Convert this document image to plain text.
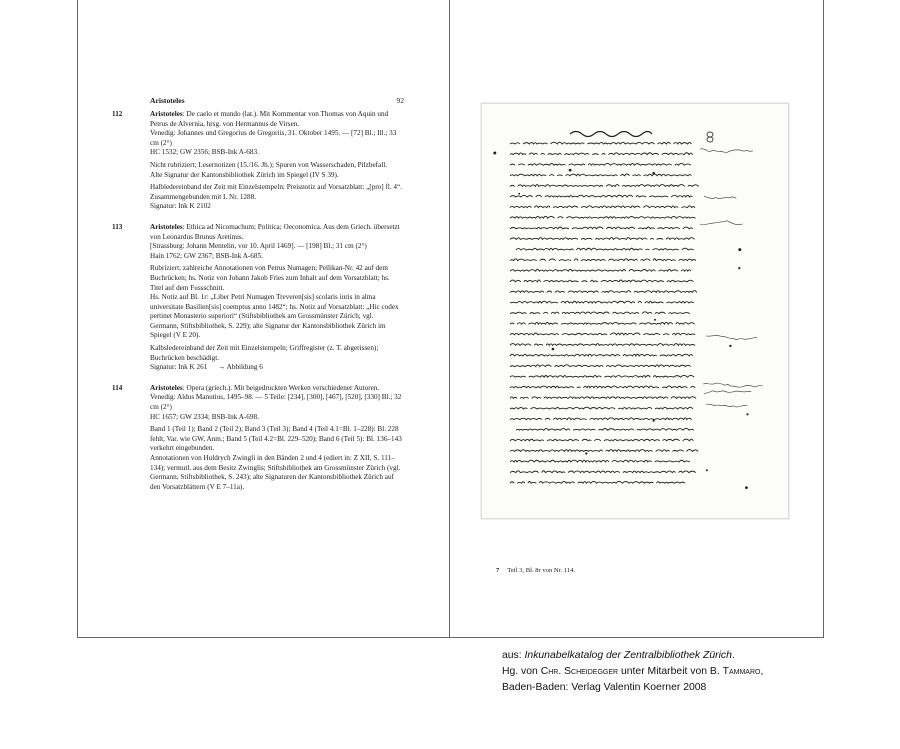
Aristoteles	92
112	Aristoteles: De caelo et mundo (lat.). Mit Kommentar von Thomas von Aquin und Petrus de Alvernia, hrsg. von Hermannus de Virsen.

Venedig: Johannes und Gregorius de Gregoriis, 31. Oktober 1495. — [72] Bl.; Ill.; 33 cm (2°)

HC 1532; GW 2356; BSB-Ink A-683.

Nicht rubriziert; Lesernotizen (15./16. Jh.); Spuren von Wasserschaden, Pilzbefall.

Alte Signatur der Kantonsbibliothek Zürich im Spiegel (IV S 39).

Halbledereinband der Zeit mit Einzelstempeln; Preisnotiz auf Vorsatzblatt: „[pro] fl. 4“.

Zusammengebunden mit I. Nr. 1288.

Signatur: Ink K 2102

113	Aristoteles: Ethica ad Nicomachum; Politica; Oeconomica. Aus dem Griech. übersetzt von Leonardus Brunus Aretinus.

[Strassburg: Johann Mentelin, vor 10. April 1469]. — [198] Bl.; 31 cm (2°)

Hain 1762; GW 2367; BSB-Ink A-685.

Rubriziert; zahlreiche Annotationen von Petrus Numagen; Pellikan-Nr. 42 auf dem Buchrücken; hs. Notiz von Johann Jakob Fries zum Inhalt auf dem Vorsatzblatt; hs. Titel auf dem Fussschnitt.

Hs. Notiz auf Bl. 1r: „Liber Petri Numagen Treveren[sis] scolaris iuris in alma universitate Basilien[sis] coemptus anno 1482“; hs. Notiz auf Vorsatzblatt: „Hic codex pertinet Monasterio superiori“ (Stiftsbibliothek am Grossmünster Zürich; vgl. Germann, Stiftsbibliothek, S. 229); alte Signatur der Kantonsbibliothek Zürich im Spiegel (V E 20).

Kalbsledereinband der Zeit mit Einzelstempeln; Griffregister (z. T. abgerissen); Buchrücken beschädigt.

Signatur: Ink K 261 → Abbildung 6

114	Aristoteles: Opera (griech.). Mit beigedruckten Werken verschiedener Autoren.

Venedig: Aldus Manutius, 1495–98. — 5 Teile: [234], [300], [467], [520], [330] Bl.; 32 cm (2°)

HC 1657; GW 2334; BSB-Ink A-698.

Band 1 (Teil 1); Band 2 (Teil 2); Band 3 (Teil 3); Band 4 (Teil 4.1=Bl. 1–228): Bl. 228 fehlt, Var. wie GW, Anm.; Band 5 (Teil 4.2=Bl. 229–520); Band 6 (Teil 5): Bl. 136–143 verkehrt eingebunden.

Annotationen von Huldrych Zwingli in den Bänden 2 und 4 (ediert in: Z XII, S. 111–134); vermutl. aus dem Besitz Zwinglis; Stiftsbibliothek am Grossmünster Zürich (vgl. Germann, Stiftsbibliothek, S. 243); alte Signaturen der Kantonsbibliothek Zürich auf den Vorsatzblättern (V E 7–11a).

7 Teil 3, Bl. 8r von Nr. 114.
aus: Inkunabelkatalog der Zentralbibliothek Zürich.
Hg. von Chr. Scheidegger unter Mitarbeit von B. Tammaro,
Baden-Baden: Verlag Valentin Koerner 2008
